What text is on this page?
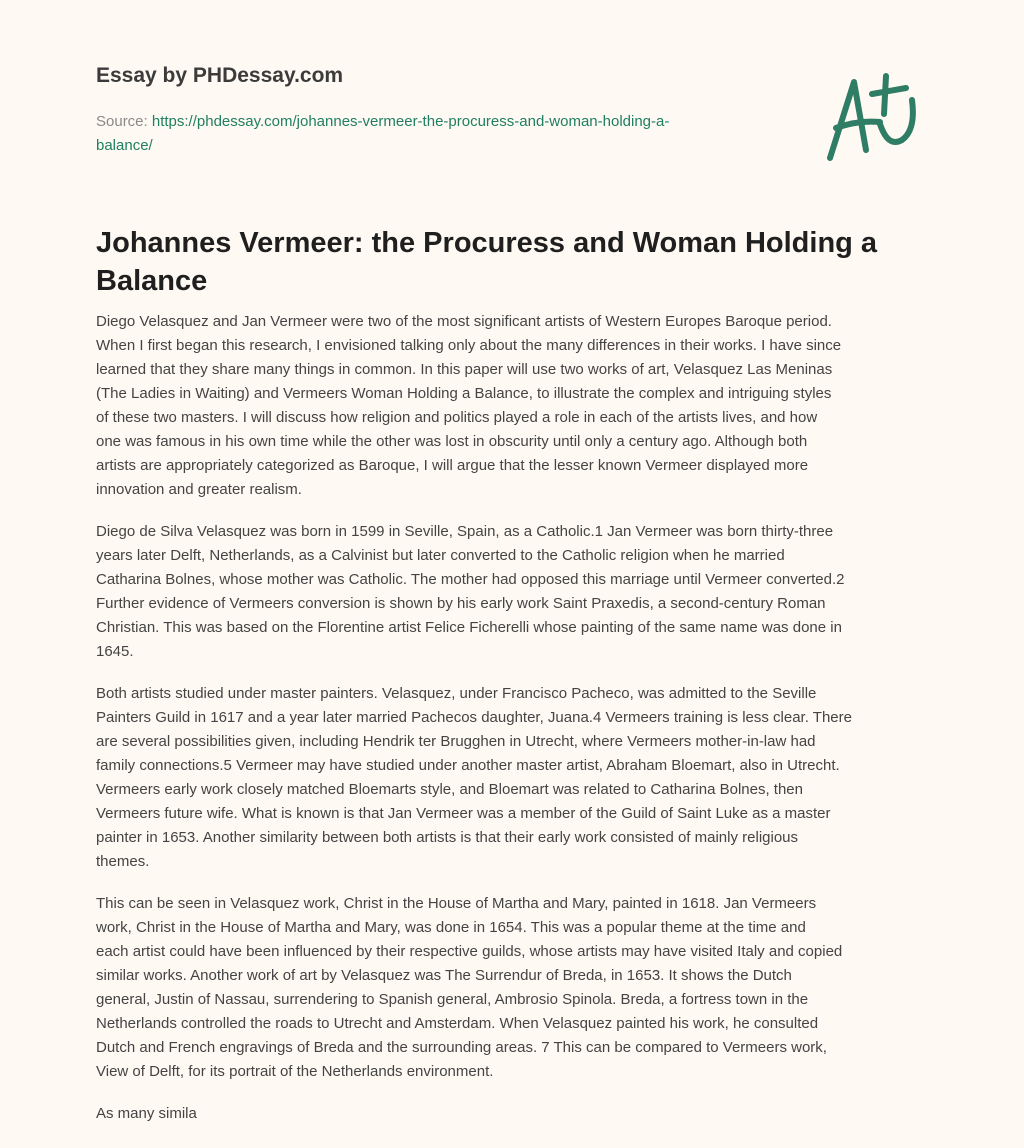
Essay by PHDessay.com
Source: https://phdessay.com/johannes-vermeer-the-procuress-and-woman-holding-a-
balance/
Johannes Vermeer: the Procuress and Woman Holding a Balance

Diego Velasquez and Jan Vermeer were two of the most significant artists of Western Europes Baroque period.
When I first began this research, I envisioned talking only about the many differences in their works. I have since
learned that they share many things in common. In this paper will use two works of art, Velasquez Las Meninas
(The Ladies in Waiting) and Vermeers Woman Holding a Balance, to illustrate the complex and intriguing styles
of these two masters. I will discuss how religion and politics played a role in each of the artists lives, and how
one was famous in his own time while the other was lost in obscurity until only a century ago. Although both
artists are appropriately categorized as Baroque, I will argue that the lesser known Vermeer displayed more
innovation and greater realism.

Diego de Silva Velasquez was born in 1599 in Seville, Spain, as a Catholic.1 Jan Vermeer was born thirty-three
years later Delft, Netherlands, as a Calvinist but later converted to the Catholic religion when he married
Catharina Bolnes, whose mother was Catholic. The mother had opposed this marriage until Vermeer converted.2
Further evidence of Vermeers conversion is shown by his early work Saint Praxedis, a second-century Roman
Christian. This was based on the Florentine artist Felice Ficherelli whose painting of the same name was done in
1645.

Both artists studied under master painters. Velasquez, under Francisco Pacheco, was admitted to the Seville
Painters Guild in 1617 and a year later married Pachecos daughter, Juana.4 Vermeers training is less clear. There
are several possibilities given, including Hendrik ter Brugghen in Utrecht, where Vermeers mother-in-law had
family connections.5 Vermeer may have studied under another master artist, Abraham Bloemart, also in Utrecht.
Vermeers early work closely matched Bloemarts style, and Bloemart was related to Catharina Bolnes, then
Vermeers future wife. What is known is that Jan Vermeer was a member of the Guild of Saint Luke as a master
painter in 1653. Another similarity between both artists is that their early work consisted of mainly religious
themes.

This can be seen in Velasquez work, Christ in the House of Martha and Mary, painted in 1618. Jan Vermeers
work, Christ in the House of Martha and Mary, was done in 1654. This was a popular theme at the time and
each artist could have been influenced by their respective guilds, whose artists may have visited Italy and copied
similar works. Another work of art by Velasquez was The Surrendur of Breda, in 1653. It shows the Dutch
general, Justin of Nassau, surrendering to Spanish general, Ambrosio Spinola. Breda, a fortress town in the
Netherlands controlled the roads to Utrecht and Amsterdam. When Velasquez painted his work, he consulted
Dutch and French engravings of Breda and the surrounding areas. 7 This can be compared to Vermeers work,
View of Delft, for its portrait of the Netherlands environment.

As many simila
